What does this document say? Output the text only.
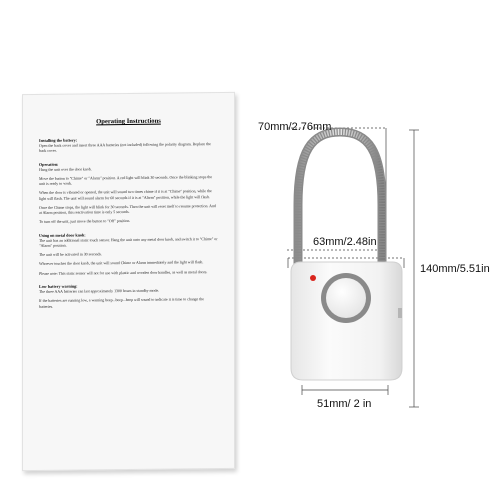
Operating Instructions
Installing the battery:

Open the back cover and insert three AAA batteries (not included) following the polarity diagram. Replace the back cover.

Operation:

Hang the unit over the door knob.

Move the button to "Chime" or "Alarm" position. A red light will blink 30 seconds. Once the blinking stops the unit is ready to work.

When the door is vibrated or opened, the unit will sound two times chime if it is at "Chime" position, while the light will flash. The unit will sound alarm for 60 seconds if it is at "Alarm" position, while the light will flash.

Once the Chime stops, the light will blink for 30 seconds. Then the unit will reset itself to resume protection. And at Alarm position, this reactivation time is only 5 seconds.

To turn off the unit, just move the button to "Off" position.

Using on metal door knob:

The unit has an additional static touch sensor. Hang the unit onto any metal door knob, and switch it to "Chime" or "Alarm" position.

The unit will be activated in 30 seconds.

Whoever touches the door knob, the unit will sound Chime or Alarm immediately and the light will flash.

Please note: This static sensor will not for use with plastic and wooden door handles, as well as metal doors.

Low battery warning:

The three AAA batteries can last approximately 1300 hours in standby mode.

If the batteries are running low, a warning beep...beep...beep will sound to indicate it is time to change the batteries.

70mm/2.76mm
63mm/2.48in
140mm/5.51in
51mm/ 2 in
